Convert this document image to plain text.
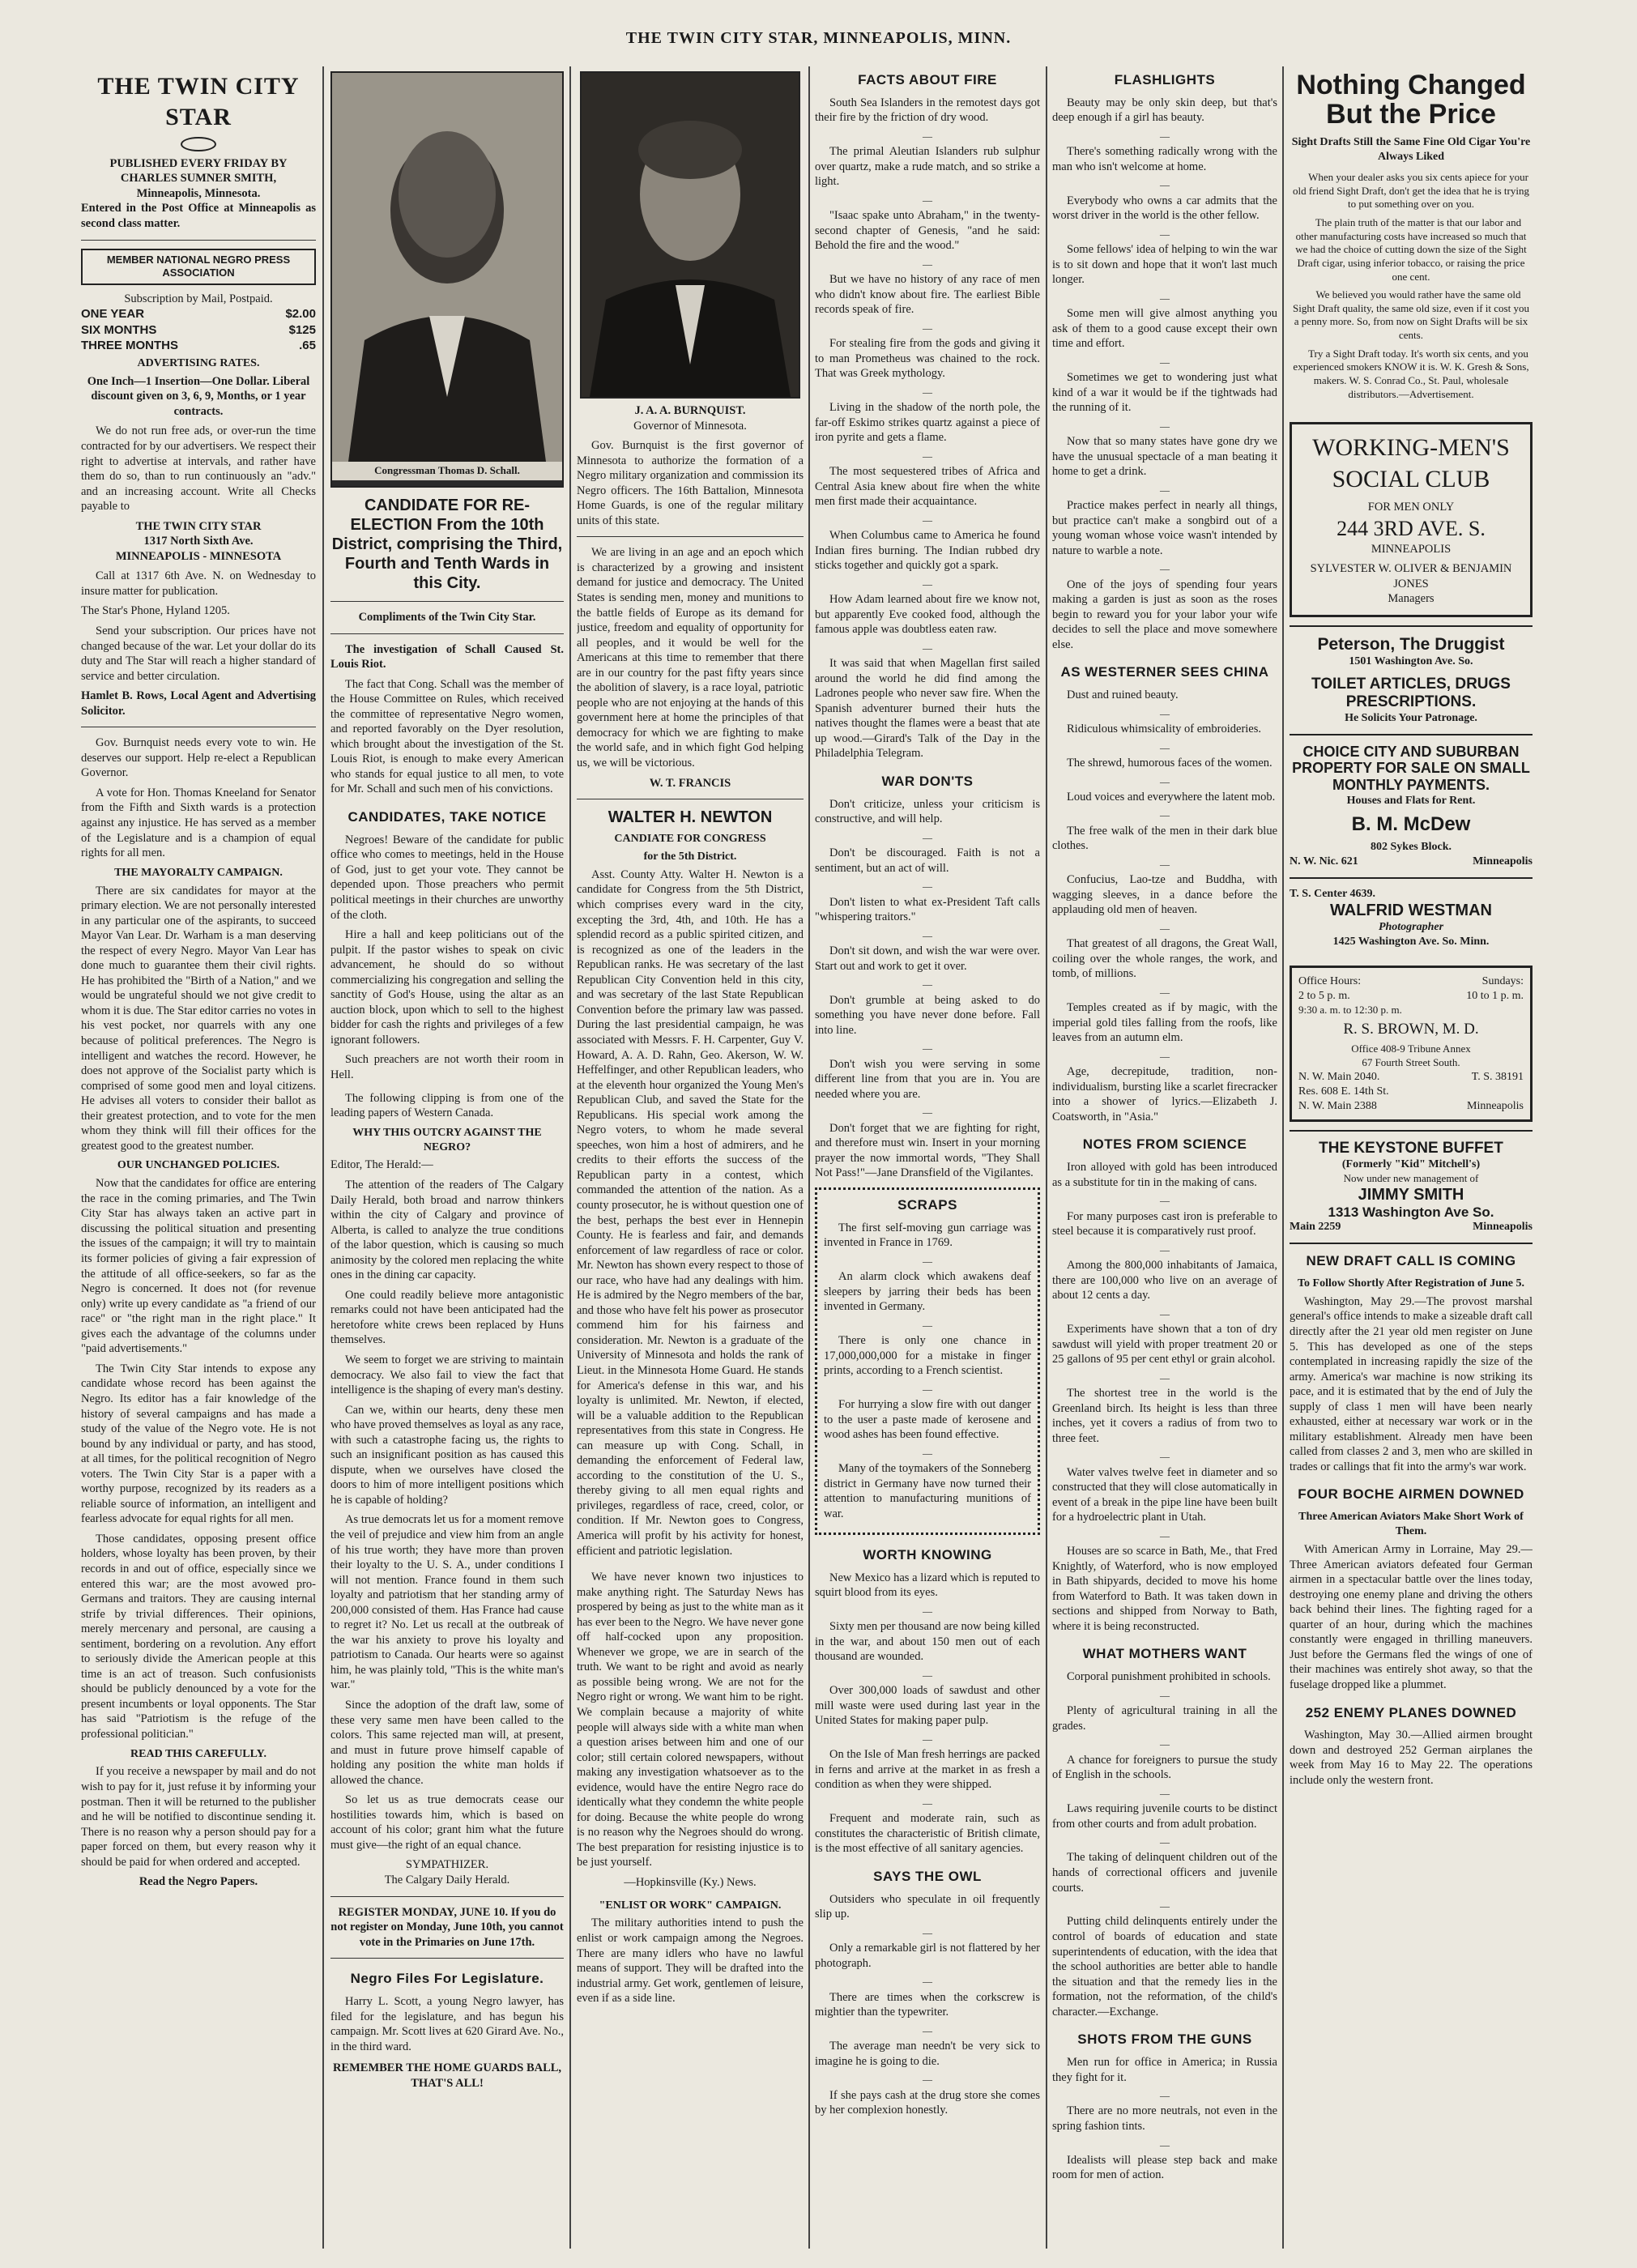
THE TWIN CITY STAR, MINNEAPOLIS, MINN.
THE TWIN CITY STAR
PUBLISHED EVERY FRIDAY BY
CHARLES SUMNER SMITH,
Minneapolis, Minnesota.

Entered in the Post Office at Minneapolis as second class matter.

MEMBER NATIONAL NEGRO PRESS ASSOCIATION
Subscription by Mail, Postpaid.
ONE YEAR	$2.00
SIX MONTHS	$125
THREE MONTHS	.65
ADVERTISING RATES.

One Inch—1 Insertion—One Dollar. Liberal discount given on 3, 6, 9, Months, or 1 year contracts.

We do not run free ads, or over-run the time contracted for by our advertisers. We respect their right to advertise at intervals, and rather have them do so, than to run continuously an "adv." and an increasing account. Write all Checks payable to

THE TWIN CITY STAR
1317 North Sixth Ave.
MINNEAPOLIS - MINNESOTA

Call at 1317 6th Ave. N. on Wednesday to insure matter for publication.

The Star's Phone, Hyland 1205.

Send your subscription. Our prices have not changed because of the war. Let your dollar do its duty and The Star will reach a higher standard of service and better circulation.

Hamlet B. Rows, Local Agent and Advertising Solicitor.

Gov. Burnquist needs every vote to win. He deserves our support. Help re-elect a Republican Governor.

A vote for Hon. Thomas Kneeland for Senator from the Fifth and Sixth wards is a protection against any injustice. He has served as a member of the Legislature and is a champion of equal rights for all men.

THE MAYORALTY CAMPAIGN.

There are six candidates for mayor at the primary election. We are not personally interested in any particular one of the aspirants, to succeed Mayor Van Lear. Dr. Warham is a man deserving the respect of every Negro. Mayor Van Lear has done much to guarantee them their civil rights. He has prohibited the "Birth of a Nation," and we would be ungrateful should we not give credit to whom it is due. The Star editor carries no votes in his vest pocket, nor quarrels with any one because of political preferences. The Negro is intelligent and watches the record. However, he does not approve of the Socialist party which is comprised of some good men and loyal citizens. He advises all voters to consider their ballot as their greatest protection, and to vote for the men whom they think will fill their offices for the greatest good to the greatest number.

OUR UNCHANGED POLICIES.

Now that the candidates for office are entering the race in the coming primaries, and The Twin City Star has always taken an active part in discussing the political situation and presenting the issues of the campaign; it will try to maintain its former policies of giving a fair expression of the attitude of all office-seekers, so far as the Negro is concerned. It does not (for revenue only) write up every candidate as "a friend of our race" or "the right man in the right place." It gives each the advantage of the columns under "paid advertisements."

The Twin City Star intends to expose any candidate whose record has been against the Negro. Its editor has a fair knowledge of the history of several campaigns and has made a study of the value of the Negro vote. He is not bound by any individual or party, and has stood, at all times, for the political recognition of Negro voters. The Twin City Star is a paper with a worthy purpose, recognized by its readers as a reliable source of information, an intelligent and fearless advocate for equal rights for all men.

Those candidates, opposing present office holders, whose loyalty has been proven, by their records in and out of office, especially since we entered this war; are the most avowed pro-Germans and traitors. They are causing internal strife by trivial differences. Their opinions, merely mercenary and personal, are causing a sentiment, bordering on a revolution. Any effort to seriously divide the American people at this time is an act of treason. Such confusionists should be publicly denounced by a vote for the present incumbents or loyal opponents. The Star has said "Patriotism is the refuge of the professional politician."

READ THIS CAREFULLY.

If you receive a newspaper by mail and do not wish to pay for it, just refuse it by informing your postman. Then it will be returned to the publisher and he will be notified to discontinue sending it. There is no reason why a person should pay for a paper forced on them, but every reason why it should be paid for when ordered and accepted.

Read the Negro Papers.
Congressman Thomas D. Schall.
CANDIDATE FOR RE-ELECTION From the 10th District, comprising the Third, Fourth and Tenth Wards in this City.

Compliments of the Twin City Star.

The investigation of Schall Caused St. Louis Riot.

The fact that Cong. Schall was the member of the House Committee on Rules, which received the committee of representative Negro women, and reported favorably on the Dyer resolution, which brought about the investigation of the St. Louis Riot, is enough to make every American who stands for equal justice to all men, to vote for Mr. Schall and such men of his convictions.

CANDIDATES, TAKE NOTICE

Negroes! Beware of the candidate for public office who comes to meetings, held in the House of God, just to get your vote. They cannot be depended upon. Those preachers who permit political meetings in their churches are unworthy of the cloth.

Hire a hall and keep politicians out of the pulpit. If the pastor wishes to speak on civic advancement, he should do so without commercializing his congregation and selling the sanctity of God's House, using the altar as an auction block, upon which to sell to the highest bidder for cash the rights and privileges of a few ignorant followers.

Such preachers are not worth their room in Hell.

The following clipping is from one of the leading papers of Western Canada.

WHY THIS OUTCRY AGAINST THE NEGRO?

Editor, The Herald:—

The attention of the readers of The Calgary Daily Herald, both broad and narrow thinkers within the city of Calgary and province of Alberta, is called to analyze the true conditions of the labor question, which is causing so much animosity by the colored men replacing the white ones in the dining car capacity.

One could readily believe more antagonistic remarks could not have been anticipated had the heretofore white crews been replaced by Huns themselves.

We seem to forget we are striving to maintain democracy. We also fail to view the fact that intelligence is the shaping of every man's destiny.

Can we, within our hearts, deny these men who have proved themselves as loyal as any race, with such a catastrophe facing us, the rights to such an insignificant position as has caused this dispute, when we ourselves have closed the doors to him of more intelligent positions which he is capable of holding?

As true democrats let us for a moment remove the veil of prejudice and view him from an angle of his true worth; they have more than proven their loyalty to the U. S. A., under conditions I will not mention. France found in them such loyalty and patriotism that her standing army of 200,000 consisted of them. Has France had cause to regret it? No. Let us recall at the outbreak of the war his anxiety to prove his loyalty and patriotism to Canada. Our hearts were so against him, he was plainly told, "This is the white man's war."

Since the adoption of the draft law, some of these very same men have been called to the colors. This same rejected man will, at present, and must in future prove himself capable of holding any position the white man holds if allowed the chance.

So let us as true democrats cease our hostilities towards him, which is based on account of his color; grant him what the future must give—the right of an equal chance.

SYMPATHIZER.
The Calgary Daily Herald.

REGISTER MONDAY, JUNE 10. If you do not register on Monday, June 10th, you cannot vote in the Primaries on June 17th.

Negro Files For Legislature.

Harry L. Scott, a young Negro lawyer, has filed for the legislature, and has begun his campaign. Mr. Scott lives at 620 Girard Ave. No., in the third ward.

REMEMBER THE HOME GUARDS BALL, THAT'S ALL!
J. A. A. BURNQUIST.
Governor of Minnesota.

Gov. Burnquist is the first governor of Minnesota to authorize the formation of a Negro military organization and commission its Negro officers. The 16th Battalion, Minnesota Home Guards, is one of the regular military units of this state.

We are living in an age and an epoch which is characterized by a growing and insistent demand for justice and democracy. The United States is sending men, money and munitions to the battle fields of Europe as its demand for justice, freedom and equality of opportunity for all peoples, and it would be well for the Americans at this time to remember that there are in our country for the past fifty years since the abolition of slavery, is a race loyal, patriotic people who are not enjoying at the hands of this government here at home the principles of that democracy for which we are fighting to make the world safe, and in which fight God helping us, we will be victorious.

W. T. FRANCIS
WALTER H. NEWTON
CANDIATE FOR CONGRESS
for the 5th District.

Asst. County Atty. Walter H. Newton is a candidate for Congress from the 5th District, which comprises every ward in the city, excepting the 3rd, 4th, and 10th. He has a splendid record as a public spirited citizen, and is recognized as one of the leaders in the Republican ranks. He was secretary of the last Republican City Convention held in this city, and was secretary of the last State Republican Convention before the primary law was passed. During the last presidential campaign, he was associated with Messrs. F. H. Carpenter, Guy V. Howard, A. A. D. Rahn, Geo. Akerson, W. W. Heffelfinger, and other Republican leaders, who at the eleventh hour organized the Young Men's Republican Club, and saved the State for the Republicans. His special work among the Negro voters, to whom he made several speeches, won him a host of admirers, and he credits to their efforts the success of the Republican party in a contest, which commanded the attention of the nation. As a county prosecutor, he is without question one of the best, perhaps the best ever in Hennepin County. He is fearless and fair, and demands enforcement of law regardless of race or color. Mr. Newton has shown every respect to those of our race, who have had any dealings with him. He is admired by the Negro members of the bar, and those who have felt his power as prosecutor commend him for his fairness and consideration. Mr. Newton is a graduate of the University of Minnesota and holds the rank of Lieut. in the Minnesota Home Guard. He stands for America's defense in this war, and his loyalty is unlimited. Mr. Newton, if elected, will be a valuable addition to the Republican representatives from this state in Congress. He can measure up with Cong. Schall, in demanding the enforcement of Federal law, according to the constitution of the U. S., thereby giving to all men equal rights and privileges, regardless of race, creed, color, or condition. If Mr. Newton goes to Congress, America will profit by his activity for honest, efficient and patriotic legislation.

We have never known two injustices to make anything right. The Saturday News has prospered by being as just to the white man as it has ever been to the Negro. We have never gone off half-cocked upon any proposition. Whenever we grope, we are in search of the truth. We want to be right and avoid as nearly as possible being wrong. We are not for the Negro right or wrong. We want him to be right. We complain because a majority of white people will always side with a white man when a question arises between him and one of our color; still certain colored newspapers, without making any investigation whatsoever as to the evidence, would have the entire Negro race do identically what they condemn the white people for doing. Because the white people do wrong is no reason why the Negroes should do wrong. The best preparation for resisting injustice is to be just yourself.

—Hopkinsville (Ky.) News.
"ENLIST OR WORK" CAMPAIGN.

The military authorities intend to push the enlist or work campaign among the Negroes. There are many idlers who have no lawful means of support. They will be drafted into the industrial army. Get work, gentlemen of leisure, even if as a side line.

FACTS ABOUT FIRE

South Sea Islanders in the remotest days got their fire by the friction of dry wood.

—

The primal Aleutian Islanders rub sulphur over quartz, make a rude match, and so strike a light.

—

"Isaac spake unto Abraham," in the twenty-second chapter of Genesis, "and he said: Behold the fire and the wood."

—

But we have no history of any race of men who didn't know about fire. The earliest Bible records speak of fire.

—

For stealing fire from the gods and giving it to man Prometheus was chained to the rock. That was Greek mythology.

—

Living in the shadow of the north pole, the far-off Eskimo strikes quartz against a piece of iron pyrite and gets a flame.

—

The most sequestered tribes of Africa and Central Asia knew about fire when the white men first made their acquaintance.

—

When Columbus came to America he found Indian fires burning. The Indian rubbed dry sticks together and quickly got a spark.

—

How Adam learned about fire we know not, but apparently Eve cooked food, although the famous apple was doubtless eaten raw.

—

It was said that when Magellan first sailed around the world he did find among the Ladrones people who never saw fire. When the Spanish adventurer burned their huts the natives thought the flames were a beast that ate up wood.—Girard's Talk of the Day in the Philadelphia Telegram.

WAR DON'TS

Don't criticize, unless your criticism is constructive, and will help.

—

Don't be discouraged. Faith is not a sentiment, but an act of will.

—

Don't listen to what ex-President Taft calls "whispering traitors."

—

Don't sit down, and wish the war were over. Start out and work to get it over.

—

Don't grumble at being asked to do something you have never done before. Fall into line.

—

Don't wish you were serving in some different line from that you are in. You are needed where you are.

—

Don't forget that we are fighting for right, and therefore must win. Insert in your morning prayer the now immortal words, "They Shall Not Pass!"—Jane Dransfield of the Vigilantes.

SCRAPS

The first self-moving gun carriage was invented in France in 1769.

—

An alarm clock which awakens deaf sleepers by jarring their beds has been invented in Germany.

—

There is only one chance in 17,000,000,000 for a mistake in finger prints, according to a French scientist.

—

For hurrying a slow fire with out danger to the user a paste made of kerosene and wood ashes has been found effective.

—

Many of the toymakers of the Sonneberg district in Germany have now turned their attention to manufacturing munitions of war.

WORTH KNOWING

New Mexico has a lizard which is reputed to squirt blood from its eyes.

—

Sixty men per thousand are now being killed in the war, and about 150 men out of each thousand are wounded.

—

Over 300,000 loads of sawdust and other mill waste were used during last year in the United States for making paper pulp.

—

On the Isle of Man fresh herrings are packed in ferns and arrive at the market in as fresh a condition as when they were shipped.

—

Frequent and moderate rain, such as constitutes the characteristic of British climate, is the most effective of all sanitary agencies.

SAYS THE OWL

Outsiders who speculate in oil frequently slip up.

—

Only a remarkable girl is not flattered by her photograph.

—

There are times when the corkscrew is mightier than the typewriter.

—

The average man needn't be very sick to imagine he is going to die.

—

If she pays cash at the drug store she comes by her complexion honestly.

FLASHLIGHTS

Beauty may be only skin deep, but that's deep enough if a girl has beauty.

—

There's something radically wrong with the man who isn't welcome at home.

—

Everybody who owns a car admits that the worst driver in the world is the other fellow.

—

Some fellows' idea of helping to win the war is to sit down and hope that it won't last much longer.

—

Some men will give almost anything you ask of them to a good cause except their own time and effort.

—

Sometimes we get to wondering just what kind of a war it would be if the tightwads had the running of it.

—

Now that so many states have gone dry we have the unusual spectacle of a man beating it home to get a drink.

—

Practice makes perfect in nearly all things, but practice can't make a songbird out of a young woman whose voice wasn't intended by nature to warble a note.

—

One of the joys of spending four years making a garden is just as soon as the roses begin to reward you for your labor your wife decides to sell the place and move somewhere else.

AS WESTERNER SEES CHINA

Dust and ruined beauty.

—

Ridiculous whimsicality of embroideries.

—

The shrewd, humorous faces of the women.

—

Loud voices and everywhere the latent mob.

—

The free walk of the men in their dark blue clothes.

—

Confucius, Lao-tze and Buddha, with wagging sleeves, in a dance before the applauding old men of heaven.

—

That greatest of all dragons, the Great Wall, coiling over the whole ranges, the work, and tomb, of millions.

—

Temples created as if by magic, with the imperial gold tiles falling from the roofs, like leaves from an autumn elm.

—

Age, decrepitude, tradition, non-individualism, bursting like a scarlet firecracker into a shower of lyrics.—Elizabeth J. Coatsworth, in "Asia."

NOTES FROM SCIENCE

Iron alloyed with gold has been introduced as a substitute for tin in the making of cans.

—

For many purposes cast iron is preferable to steel because it is comparatively rust proof.

—

Among the 800,000 inhabitants of Jamaica, there are 100,000 who live on an average of about 12 cents a day.

—

Experiments have shown that a ton of dry sawdust will yield with proper treatment 20 or 25 gallons of 95 per cent ethyl or grain alcohol.

—

The shortest tree in the world is the Greenland birch. Its height is less than three inches, yet it covers a radius of from two to three feet.

—

Water valves twelve feet in diameter and so constructed that they will close automatically in event of a break in the pipe line have been built for a hydroelectric plant in Utah.

—

Houses are so scarce in Bath, Me., that Fred Knightly, of Waterford, who is now employed in Bath shipyards, decided to move his home from Waterford to Bath. It was taken down in sections and shipped from Norway to Bath, where it is being reconstructed.

WHAT MOTHERS WANT

Corporal punishment prohibited in schools.

—

Plenty of agricultural training in all the grades.

—

A chance for foreigners to pursue the study of English in the schools.

—

Laws requiring juvenile courts to be distinct from other courts and from adult probation.

—

The taking of delinquent children out of the hands of correctional officers and juvenile courts.

—

Putting child delinquents entirely under the control of boards of education and state superintendents of education, with the idea that the school authorities are better able to handle the situation and that the remedy lies in the formation, not the reformation, of the child's character.—Exchange.

SHOTS FROM THE GUNS

Men run for office in America; in Russia they fight for it.

—

There are no more neutrals, not even in the spring fashion tints.

—

Idealists will please step back and make room for men of action.

Nothing Changed But the Price
Sight Drafts Still the Same Fine Old Cigar You're Always Liked

When your dealer asks you six cents apiece for your old friend Sight Draft, don't get the idea that he is trying to put something over on you.

The plain truth of the matter is that our labor and other manufacturing costs have increased so much that we had the choice of cutting down the size of the Sight Draft cigar, using inferior tobacco, or raising the price one cent.

We believed you would rather have the same old Sight Draft quality, the same old size, even if it cost you a penny more. So, from now on Sight Drafts will be six cents.

Try a Sight Draft today. It's worth six cents, and you experienced smokers KNOW it is. W. K. Gresh & Sons, makers. W. S. Conrad Co., St. Paul, wholesale distributors.—Advertisement.

WORKING-MEN'S SOCIAL CLUB
FOR MEN ONLY
244 3RD AVE. S.
MINNEAPOLIS
SYLVESTER W. OLIVER & BENJAMIN JONES
Managers
Peterson, The Druggist
1501 Washington Ave. So.
TOILET ARTICLES, DRUGS PRESCRIPTIONS.
He Solicits Your Patronage.
CHOICE CITY AND SUBURBAN PROPERTY FOR SALE ON SMALL MONTHLY PAYMENTS.
Houses and Flats for Rent.
B. M. McDew
802 Sykes Block.
N. W. Nic. 621	Minneapolis
T. S. Center 4639.
WALFRID WESTMAN
Photographer
1425 Washington Ave. So. Minn.
Office Hours:	Sundays:
2 to 5 p. m.	10 to 1 p. m.
9:30 a. m. to 12:30 p. m.
R. S. BROWN, M. D.
Office 408-9 Tribune Annex
67 Fourth Street South.
N. W. Main 2040.	T. S. 38191
Res. 608 E. 14th St.
N. W. Main 2388	Minneapolis
THE KEYSTONE BUFFET
(Formerly "Kid" Mitchell's)
Now under new management of
JIMMY SMITH
1313 Washington Ave So.
Main 2259	Minneapolis
NEW DRAFT CALL IS COMING
To Follow Shortly After Registration of June 5.

Washington, May 29.—The provost marshal general's office intends to make a sizeable draft call directly after the 21 year old men register on June 5. This has developed as one of the steps contemplated in increasing rapidly the size of the army. America's war machine is now striking its pace, and it is estimated that by the end of July the supply of class 1 men will have been nearly exhausted, either at necessary war work or in the military establishment. Already men have been called from classes 2 and 3, men who are skilled in trades or callings that fit into the army's war work.

FOUR BOCHE AIRMEN DOWNED
Three American Aviators Make Short Work of Them.

With American Army in Lorraine, May 29.—Three American aviators defeated four German airmen in a spectacular battle over the lines today, destroying one enemy plane and driving the others back behind their lines. The fighting raged for a quarter of an hour, during which the machines constantly were engaged in thrilling maneuvers. Just before the Germans fled the wings of one of their machines was entirely shot away, so that the fuselage dropped like a plummet.

252 ENEMY PLANES DOWNED

Washington, May 30.—Allied airmen brought down and destroyed 252 German airplanes the week from May 16 to May 22. The operations include only the western front.
